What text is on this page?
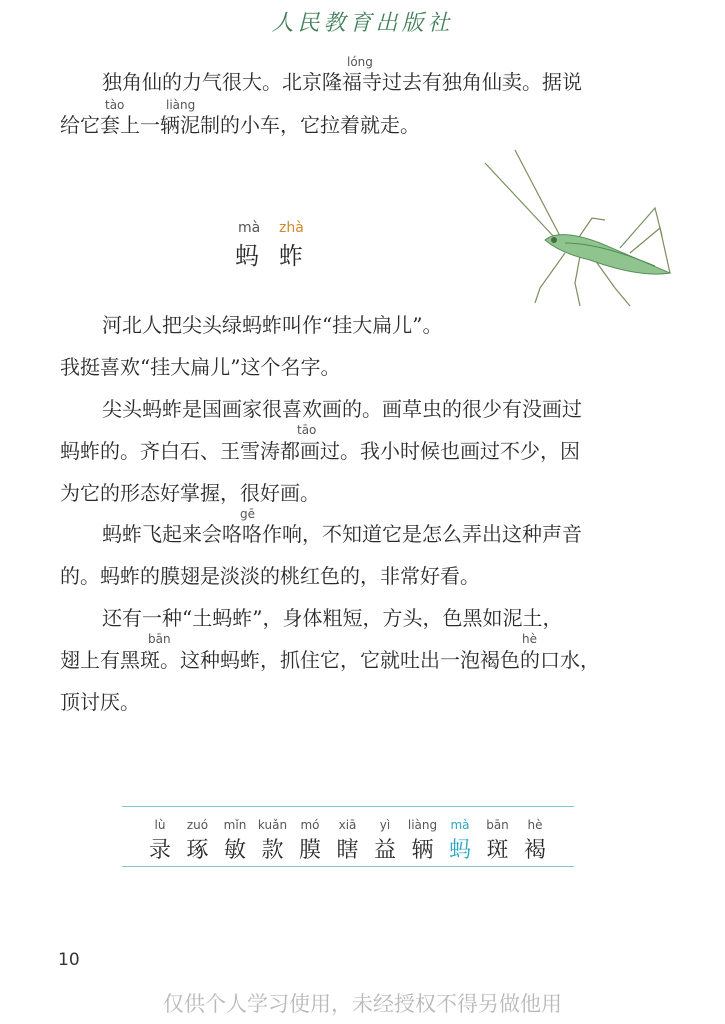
人民教育出版社
lóng
独角仙的力气很大。北京隆福寺过去有独角仙卖。据说
tào	liàng
给它套上一辆泥制的小车，它拉着就走。
mà zhà
蚂 蚱
河北人把尖头绿蚂蚱叫作“挂大扁儿”。
我挺喜欢“挂大扁儿”这个名字。
尖头蚂蚱是国画家很喜欢画的。画草虫的很少有没画过
tāo
蚂蚱的。齐白石、王雪涛都画过。我小时候也画过不少，因
为它的形态好掌握，很好画。
gē
蚂蚱飞起来会咯咯作响，不知道它是怎么弄出这种声音
的。蚂蚱的膜翅是淡淡的桃红色的，非常好看。
还有一种“土蚂蚱”，身体粗短，方头，色黑如泥土，
bān	hè
翅上有黑斑。这种蚂蚱，抓住它，它就吐出一泡褐色的口水，
顶讨厌。
lù
录
zuó
琢
mǐn
敏
kuǎn
款
mó
膜
xiā
瞎
yì
益
liàng
辆
mà
蚂
bān
斑
hè
褐
10
仅供个人学习使用，未经授权不得另做他用
